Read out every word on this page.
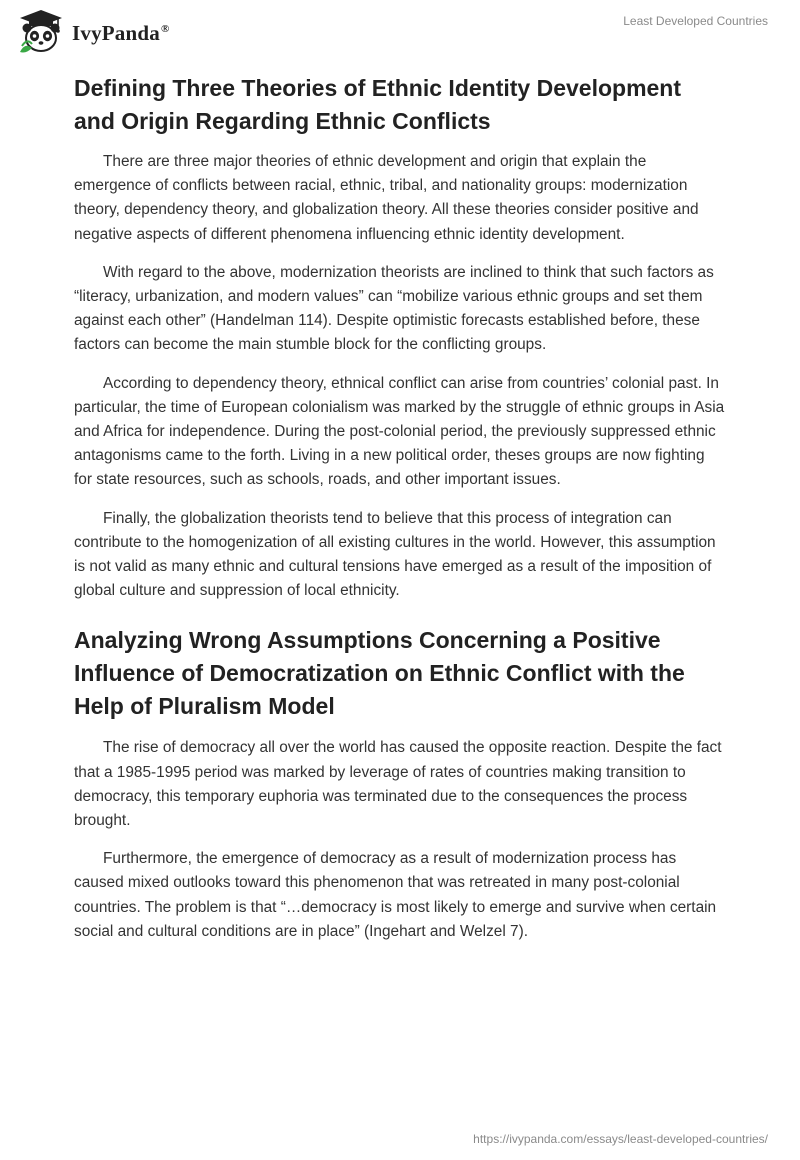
IvyPanda®
Least Developed Countries
Defining Three Theories of Ethnic Identity Development and Origin Regarding Ethnic Conflicts

There are three major theories of ethnic development and origin that explain the emergence of conflicts between racial, ethnic, tribal, and nationality groups: modernization theory, dependency theory, and globalization theory. All these theories consider positive and negative aspects of different phenomena influencing ethnic identity development.

With regard to the above, modernization theorists are inclined to think that such factors as “literacy, urbanization, and modern values” can “mobilize various ethnic groups and set them against each other” (Handelman 114). Despite optimistic forecasts established before, these factors can become the main stumble block for the conflicting groups.

According to dependency theory, ethnical conflict can arise from countries’ colonial past. In particular, the time of European colonialism was marked by the struggle of ethnic groups in Asia and Africa for independence. During the post-colonial period, the previously suppressed ethnic antagonisms came to the forth. Living in a new political order, theses groups are now fighting for state resources, such as schools, roads, and other important issues.

Finally, the globalization theorists tend to believe that this process of integration can contribute to the homogenization of all existing cultures in the world. However, this assumption is not valid as many ethnic and cultural tensions have emerged as a result of the imposition of global culture and suppression of local ethnicity.

Analyzing Wrong Assumptions Concerning a Positive Influence of Democratization on Ethnic Conflict with the Help of Pluralism Model

The rise of democracy all over the world has caused the opposite reaction. Despite the fact that a 1985-1995 period was marked by leverage of rates of countries making transition to democracy, this temporary euphoria was terminated due to the consequences the process brought.

Furthermore, the emergence of democracy as a result of modernization process has caused mixed outlooks toward this phenomenon that was retreated in many post-colonial countries. The problem is that “…democracy is most likely to emerge and survive when certain social and cultural conditions are in place” (Ingehart and Welzel 7).

https://ivypanda.com/essays/least-developed-countries/
